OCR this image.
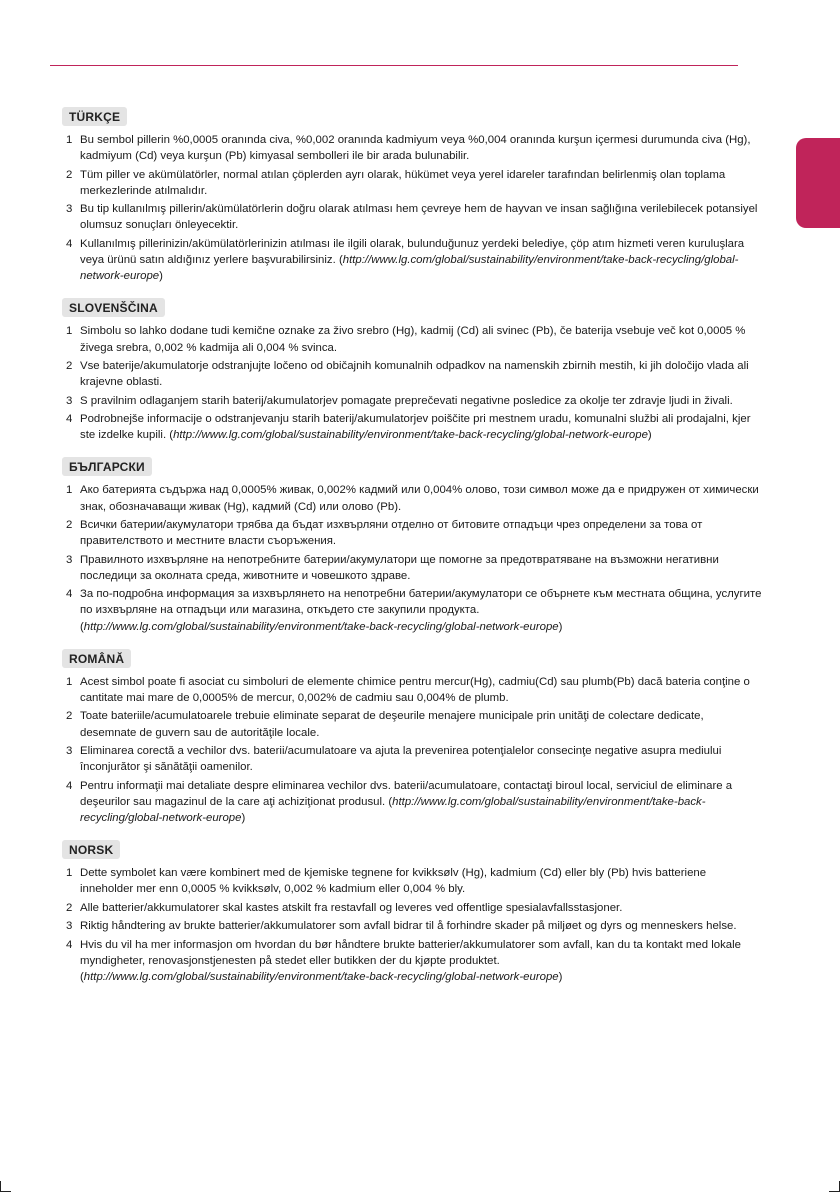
TÜRKÇE
1 Bu sembol pillerin %0,0005 oranında civa, %0,002 oranında kadmiyum veya %0,004 oranında kurşun içermesi durumunda civa (Hg), kadmiyum (Cd) veya kurşun (Pb) kimyasal sembolleri ile bir arada bulunabilir.
2 Tüm piller ve akümülatörler, normal atılan çöplerden ayrı olarak, hükümet veya yerel idareler tarafından belirlenmiş olan toplama merkezlerinde atılmalıdır.
3 Bu tip kullanılmış pillerin/akümülatörlerin doğru olarak atılması hem çevreye hem de hayvan ve insan sağlığına verilebilecek potansiyel olumsuz sonuçları önleyecektir.
4 Kullanılmış pillerinizin/akümülatörlerinizin atılması ile ilgili olarak, bulunduğunuz yerdeki belediye, çöp atım hizmeti veren kuruluşlara veya ürünü satın aldığınız yerlere başvurabilirsiniz. (http://www.lg.com/global/sustainability/environment/take-back-recycling/global-network-europe)
SLOVENŠČINA
1 Simbolu so lahko dodane tudi kemične oznake za živo srebro (Hg), kadmij (Cd) ali svinec (Pb), če baterija vsebuje več kot 0,0005 % živega srebra, 0,002 % kadmija ali 0,004 % svinca.
2 Vse baterije/akumulatorje odstranjujte ločeno od običajnih komunalnih odpadkov na namenskih zbirnih mestih, ki jih določijo vlada ali krajevne oblasti.
3 S pravilnim odlaganjem starih baterij/akumulatorjev pomagate preprečevati negativne posledice za okolje ter zdravje ljudi in živali.
4 Podrobnejše informacije o odstranjevanju starih baterij/akumulatorjev poiščite pri mestnem uradu, komunalni službi ali prodajalni, kjer ste izdelke kupili. (http://www.lg.com/global/sustainability/environment/take-back-recycling/global-network-europe)
БЪЛГАРСКИ
1 Ако батерията съдържа над 0,0005% живак, 0,002% кадмий или 0,004% олово, този символ може да е придружен от химически знак, обозначаващи живак (Hg), кадмий (Cd) или олово (Pb).
2 Всички батерии/акумулатори трябва да бъдат изхвърляни отделно от битовите отпадъци чрез определени за това от правителството и местните власти съоръжения.
3 Правилното изхвърляне на непотребните батерии/акумулатори ще помогне за предотвратяване на възможни негативни последици за околната среда, животните и човешкото здраве.
4 За по-подробна информация за изхвърлянето на непотребни батерии/акумулатори се обърнете към местната община, услугите по изхвърляне на отпадъци или магазина, откъдето сте закупили продукта. (http://www.lg.com/global/sustainability/environment/take-back-recycling/global-network-europe)
ROMÂNĂ
1 Acest simbol poate fi asociat cu simboluri de elemente chimice pentru mercur(Hg), cadmiu(Cd) sau plumb(Pb) dacă bateria conţine o cantitate mai mare de 0,0005% de mercur, 0,002% de cadmiu sau 0,004% de plumb.
2 Toate bateriile/acumulatoarele trebuie eliminate separat de deşeurile menajere municipale prin unităţi de colectare dedicate, desemnate de guvern sau de autorităţile locale.
3 Eliminarea corectă a vechilor dvs. baterii/acumulatoare va ajuta la prevenirea potenţialelor consecinţe negative asupra mediului înconjurător şi sănătăţii oamenilor.
4 Pentru informaţii mai detaliate despre eliminarea vechilor dvs. baterii/acumulatoare, contactaţi biroul local, serviciul de eliminare a deşeurilor sau magazinul de la care aţi achiziţionat produsul. (http://www.lg.com/global/sustainability/environment/take-back-recycling/global-network-europe)
NORSK
1 Dette symbolet kan være kombinert med de kjemiske tegnene for kvikksølv (Hg), kadmium (Cd) eller bly (Pb) hvis batteriene inneholder mer enn 0,0005 % kvikksølv, 0,002 % kadmium eller 0,004 % bly.
2 Alle batterier/akkumulatorer skal kastes atskilt fra restavfall og leveres ved offentlige spesialavfallsstasjoner.
3 Riktig håndtering av brukte batterier/akkumulatorer som avfall bidrar til å forhindre skader på miljøet og dyrs og menneskers helse.
4 Hvis du vil ha mer informasjon om hvordan du bør håndtere brukte batterier/akkumulatorer som avfall, kan du ta kontakt med lokale myndigheter, renovasjonstjenesten på stedet eller butikken der du kjøpte produktet. (http://www.lg.com/global/sustainability/environment/take-back-recycling/global-network-europe)
